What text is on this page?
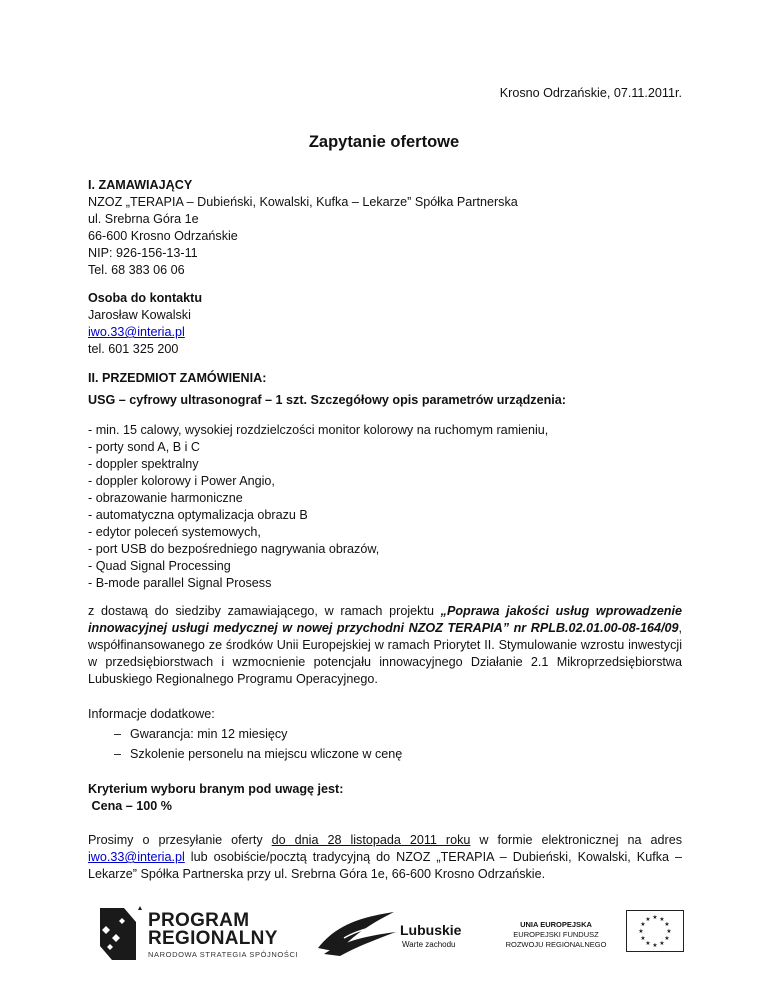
Krosno Odrzańskie, 07.11.2011r.
Zapytanie ofertowe
I. ZAMAWIAJĄCY
NZOZ „TERAPIA – Dubieński, Kowalski, Kufka – Lekarze” Spółka Partnerska
ul. Srebrna Góra 1e
66-600 Krosno Odrzańskie
NIP: 926-156-13-11
Tel. 68 383 06 06
Osoba do kontaktu
Jarosław Kowalski
iwo.33@interia.pl
tel. 601 325 200
II. PRZEDMIOT ZAMÓWIENIA:
USG – cyfrowy ultrasonograf – 1 szt. Szczegółowy opis parametrów urządzenia:
- min. 15 calowy, wysokiej rozdzielczości monitor kolorowy na ruchomym ramieniu,
- porty sond A, B i C
- doppler spektralny
- doppler kolorowy i Power Angio,
- obrazowanie harmoniczne
- automatyczna optymalizacja obrazu B
- edytor poleceń systemowych,
- port USB do bezpośredniego nagrywania obrazów,
- Quad Signal Processing
- B-mode parallel Signal Prosess
z dostawą do siedziby zamawiającego, w ramach projektu „Poprawa jakości usług wprowadzenie innowacyjnej usługi medycznej w nowej przychodni NZOZ TERAPIA” nr RPLB.02.01.00-08-164/09, współfinansowanego ze środków Unii Europejskiej w ramach Priorytet II. Stymulowanie wzrostu inwestycji w przedsiębiorstwach i wzmocnienie potencjału innowacyjnego Działanie 2.1 Mikroprzedsiębiorstwa Lubuskiego Regionalnego Programu Operacyjnego.
Informacje dodatkowe:
– Gwarancja: min 12 miesięcy
– Szkolenie personelu na miejscu wliczone w cenę
Kryterium wyboru branym pod uwagę jest:
Cena – 100 %
Prosimy o przesyłanie oferty do dnia 28 listopada 2011 roku w formie elektronicznej na adres iwo.33@interia.pl lub osobiście/pocztą tradycyjną do NZOZ „TERAPIA – Dubieński, Kowalski, Kufka – Lekarze” Spółka Partnerska przy ul. Srebrna Góra 1e, 66-600 Krosno Odrzańskie.
PROGRAM
REGIONALNY
NARODOWA STRATEGIA SPÓJNOŚCI
Lubuskie
Warte zachodu
UNIA EUROPEJSKA
EUROPEJSKI FUNDUSZ
ROZWOJU REGIONALNEGO
★ ★
★
★
★
★
★
★
★
★
★
★
